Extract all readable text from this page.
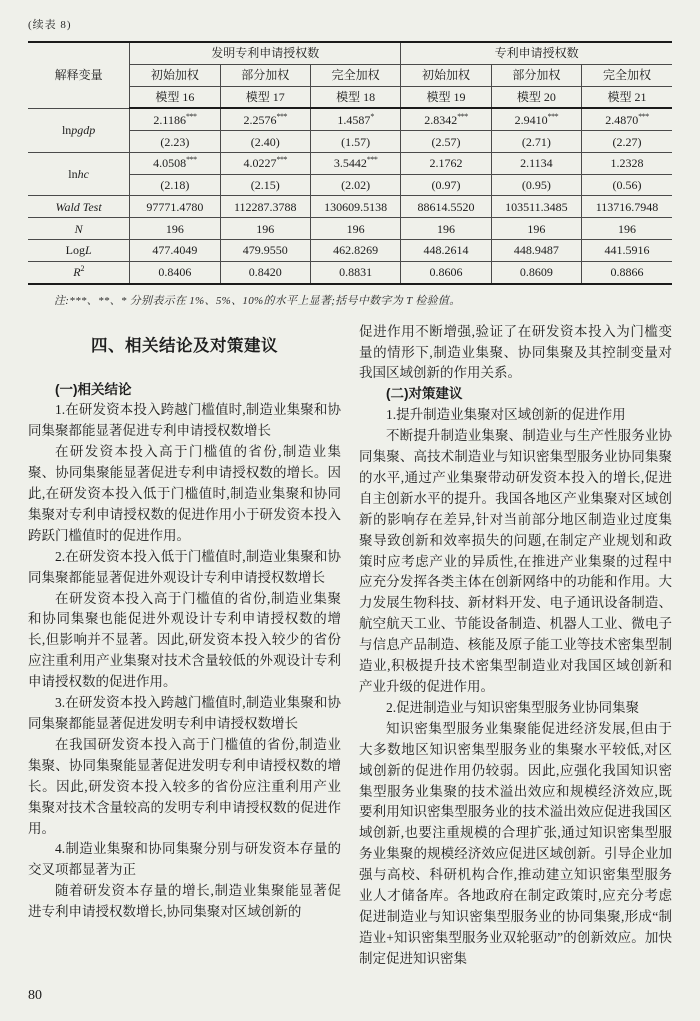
(续表 8)
解释变量	发明专利申请授权数			专利申请授权数		
	初始加权	部分加权	完全加权	初始加权	部分加权	完全加权
	模型 16	模型 17	模型 18	模型 19	模型 20	模型 21
lnpgdp	2.1186***	2.2576***	1.4587*	2.8342***	2.9410***	2.4870***
	(2.23)	(2.40)	(1.57)	(2.57)	(2.71)	(2.27)
lnhc	4.0508***	4.0227***	3.5442***	2.1762	2.1134	1.2328
	(2.18)	(2.15)	(2.02)	(0.97)	(0.95)	(0.56)
Wald Test	97771.4780	112287.3788	130609.5138	88614.5520	103511.3485	113716.7948
N	196	196	196	196	196	196
LogL	477.4049	479.9550	462.8269	448.2614	448.9487	441.5916
$R^2$	0.8406	0.8420	0.8831	0.8606	0.8609	0.8866
注:***、**、* 分别表示在 1%、5%、10%的水平上显著;括号中数字为 T 检验值。
四、相关结论及对策建议

(一)相关结论

1.在研发资本投入跨越门槛值时,制造业集聚和协同集聚都能显著促进专利申请授权数增长

在研发资本投入高于门槛值的省份,制造业集聚、协同集聚能显著促进专利申请授权数的增长。因此,在研发资本投入低于门槛值时,制造业集聚和协同集聚对专利申请授权数的促进作用小于研发资本投入跨跃门槛值时的促进作用。

2.在研发资本投入低于门槛值时,制造业集聚和协同集聚都能显著促进外观设计专利申请授权数增长

在研发资本投入高于门槛值的省份,制造业集聚和协同集聚也能促进外观设计专利申请授权数的增长,但影响并不显著。因此,研发资本投入较少的省份应注重利用产业集聚对技术含量较低的外观设计专利申请授权数的促进作用。

3.在研发资本投入跨越门槛值时,制造业集聚和协同集聚都能显著促进发明专利申请授权数增长

在我国研发资本投入高于门槛值的省份,制造业集聚、协同集聚能显著促进发明专利申请授权数的增长。因此,研发资本投入较多的省份应注重利用产业集聚对技术含量较高的发明专利申请授权数的促进作用。

4.制造业集聚和协同集聚分别与研发资本存量的交叉项都显著为正

随着研发资本存量的增长,制造业集聚能显著促进专利申请授权数增长,协同集聚对区域创新的

促进作用不断增强,验证了在研发资本投入为门槛变量的情形下,制造业集聚、协同集聚及其控制变量对我国区域创新的作用关系。

(二)对策建议

1.提升制造业集聚对区域创新的促进作用

不断提升制造业集聚、制造业与生产性服务业协同集聚、高技术制造业与知识密集型服务业协同集聚的水平,通过产业集聚带动研发资本投入的增长,促进自主创新水平的提升。我国各地区产业集聚对区域创新的影响存在差异,针对当前部分地区制造业过度集聚导致创新和效率损失的问题,在制定产业规划和政策时应考虑产业的异质性,在推进产业集聚的过程中应充分发挥各类主体在创新网络中的功能和作用。大力发展生物科技、新材料开发、电子通讯设备制造、航空航天工业、节能设备制造、机器人工业、微电子与信息产品制造、核能及原子能工业等技术密集型制造业,积极提升技术密集型制造业对我国区域创新和产业升级的促进作用。

2.促进制造业与知识密集型服务业协同集聚

知识密集型服务业集聚能促进经济发展,但由于大多数地区知识密集型服务业的集聚水平较低,对区域创新的促进作用仍较弱。因此,应强化我国知识密集型服务业集聚的技术溢出效应和规模经济效应,既要利用知识密集型服务业的技术溢出效应促进我国区域创新,也要注重规模的合理扩张,通过知识密集型服务业集聚的规模经济效应促进区域创新。引导企业加强与高校、科研机构合作,推动建立知识密集型服务业人才储备库。各地政府在制定政策时,应充分考虑促进制造业与知识密集型服务业的协同集聚,形成“制造业+知识密集型服务业双轮驱动”的创新效应。加快制定促进知识密集

80
